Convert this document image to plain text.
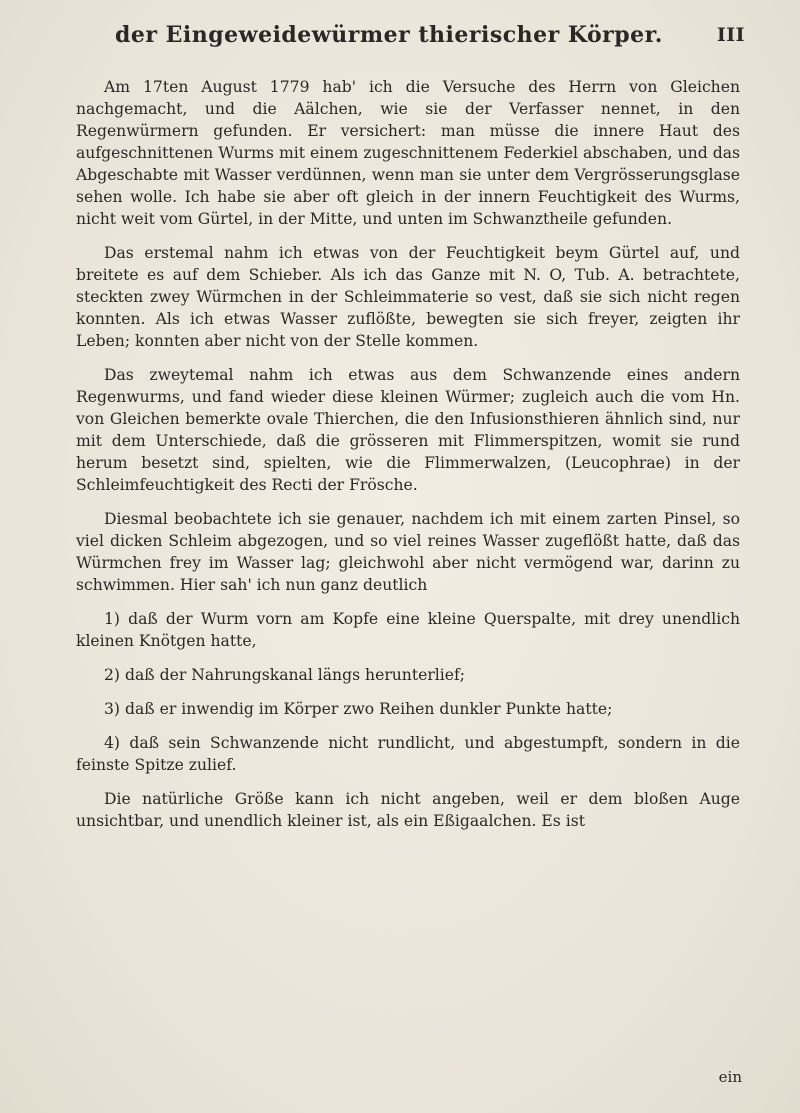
der Eingeweidewürmer thierischer Körper.	III

Am 17ten August 1779 hab' ich die Versuche des Herrn von Gleichen nachgemacht, und die Aälchen, wie sie der Verfasser nennet, in den Regenwürmern gefunden. Er versichert: man müsse die innere Haut des aufgeschnittenen Wurms mit einem zugeschnittenem Federkiel abschaben, und das Abgeschabte mit Wasser verdünnen, wenn man sie unter dem Vergrösserungsglase sehen wolle. Ich habe sie aber oft gleich in der innern Feuchtigkeit des Wurms, nicht weit vom Gürtel, in der Mitte, und unten im Schwanztheile gefunden.

Das erstemal nahm ich etwas von der Feuchtigkeit beym Gürtel auf, und breitete es auf dem Schieber. Als ich das Ganze mit N. O, Tub. A. betrachtete, steckten zwey Würmchen in der Schleimmaterie so vest, daß sie sich nicht regen konnten. Als ich etwas Wasser zuflößte, bewegten sie sich freyer, zeigten ihr Leben; konnten aber nicht von der Stelle kommen.

Das zweytemal nahm ich etwas aus dem Schwanzende eines andern Regenwurms, und fand wieder diese kleinen Würmer; zugleich auch die vom Hn. von Gleichen bemerkte ovale Thierchen, die den Infusionsthieren ähnlich sind, nur mit dem Unterschiede, daß die grösseren mit Flimmerspitzen, womit sie rund herum besetzt sind, spielten, wie die Flimmerwalzen, (Leucophrae) in der Schleimfeuchtigkeit des Recti der Frösche.

Diesmal beobachtete ich sie genauer, nachdem ich mit einem zarten Pinsel, so viel dicken Schleim abgezogen, und so viel reines Wasser zugeflößt hatte, daß das Würmchen frey im Wasser lag; gleichwohl aber nicht vermögend war, darinn zu schwimmen. Hier sah' ich nun ganz deutlich

1) daß der Wurm vorn am Kopfe eine kleine Querspalte, mit drey unendlich kleinen Knötgen hatte,

2) daß der Nahrungskanal längs herunterlief;

3) daß er inwendig im Körper zwo Reihen dunkler Punkte hatte;

4) daß sein Schwanzende nicht rundlicht, und abgestumpft, sondern in die feinste Spitze zulief.

Die natürliche Größe kann ich nicht angeben, weil er dem bloßen Auge unsichtbar, und unendlich kleiner ist, als ein Eßigaalchen. Es ist

ein
